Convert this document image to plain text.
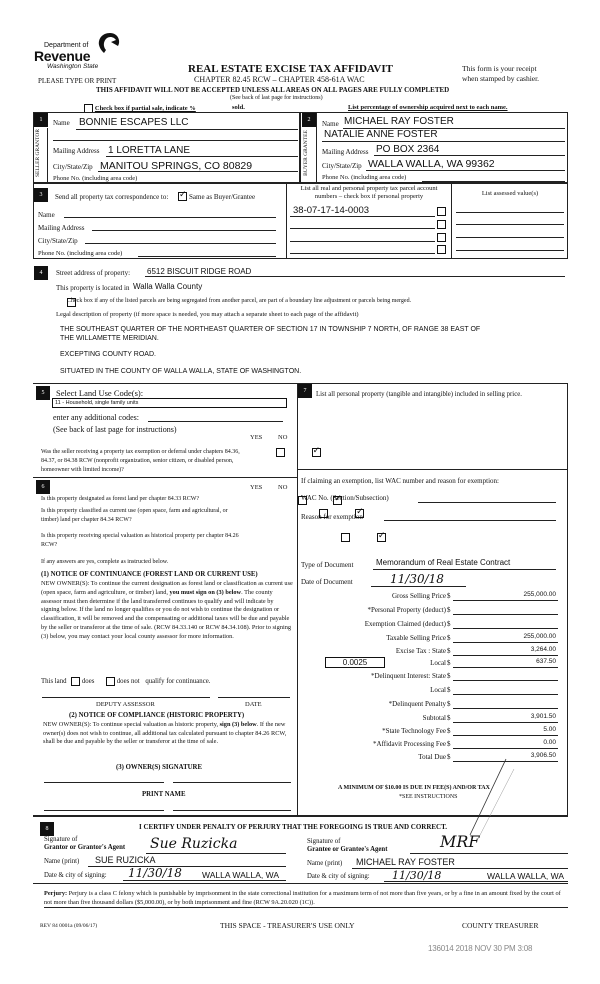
Department of
Revenue
Washington State
PLEASE TYPE OR PRINT
REAL ESTATE EXCISE TAX AFFIDAVIT
CHAPTER 82.45 RCW – CHAPTER 458-61A WAC
THIS AFFIDAVIT WILL NOT BE ACCEPTED UNLESS ALL AREAS ON ALL PAGES ARE FULLY COMPLETED
(See back of last page for instructions)
This form is your receipt
when stamped by cashier.
Check box if partial sale, indicate %	sold.	List percentage of ownership acquired next to each name.
1
SELLER GRANTOR
Name BONNIE ESCAPES LLC
Mailing Address 1 LORETTA LANE
City/State/Zip MANITOU SPRINGS, CO 80829
Phone No. (including area code)
2
BUYER GRANTEE
Name MICHAEL RAY FOSTER
NATALIE ANNE FOSTER
Mailing Address PO BOX 2364
City/State/Zip WALLA WALLA, WA 99362
Phone No. (including area code)
3	Send all property tax correspondence to: ✓	Same as Buyer/Grantee
Name
Mailing Address
City/State/Zip
Phone No. (including area code)
List all real and personal property tax parcel account numbers – check box if personal property	List assessed value(s)
38-07-17-14-0003
4	Street address of property: 6512 BISCUIT RIDGE ROAD
This property is located in Walla Walla County

Check box if any of the listed parcels are being segregated from another parcel, are part of a boundary line adjustment or parcels being merged.
Legal description of property (if more space is needed, you may attach a separate sheet to each page of the affidavit)
THE SOUTHEAST QUARTER OF THE NORTHEAST QUARTER OF SECTION 17 IN TOWNSHIP 7 NORTH, OF RANGE 38 EAST OF
THE WILLAMETTE MERIDIAN.
EXCEPTING COUNTY ROAD.
SITUATED IN THE COUNTY OF WALLA WALLA, STATE OF WASHINGTON.
5	Select Land Use Code(s):
11 - Household, single family units
enter any additional codes:
(See back of last page for instructions)
YES NO
Was the seller receiving a property tax exemption or deferral under chapters 84.36, 84.37, or 84.38 RCW (nonprofit organization, senior citizen, or disabled person, homeowner with limited income)?
✓
6	YES NO
Is this property designated as forest land per chapter 84.33 RCW?
✓
Is this property classified as current use (open space, farm and agricultural, or timber) land per chapter 84.34 RCW?
✓
Is this property receiving special valuation as historical property per chapter 84.26 RCW?
✓
If any answers are yes, complete as instructed below.
(1) NOTICE OF CONTINUANCE (FOREST LAND OR CURRENT USE)
NEW OWNER(S): To continue the current designation as forest land or classification as current use (open space, farm and agriculture, or timber) land, you must sign on (3) below. The county assessor must then determine if the land transferred continues to qualify and will indicate by signing below. If the land no longer qualifies or you do not wish to continue the designation or classification, it will be removed and the compensating or additional taxes will be due and payable by the seller or transferor at the time of sale. (RCW 84.33.140 or RCW 84.34.108). Prior to signing (3) below, you may contact your local county assessor for more information.
This land does	does not qualify for continuance.
DEPUTY ASSESSOR	DATE
(2) NOTICE OF COMPLIANCE (HISTORIC PROPERTY)
NEW OWNER(S): To continue special valuation as historic property, sign (3) below. If the new owner(s) does not wish to continue, all additional tax calculated pursuant to chapter 84.26 RCW, shall be due and payable by the seller or transferor at the time of sale.
(3) OWNER(S) SIGNATURE
PRINT NAME
7	List all personal property (tangible and intangible) included in selling price.
If claiming an exemption, list WAC number and reason for exemption:
WAC No. (Section/Subsection)
Reason for exemption
Type of Document	Memorandum of Real Estate Contract
Date of Document	11/30/18
Gross Selling Price $	255,000.00
*Personal Property (deduct) $
Exemption Claimed (deduct) $
Taxable Selling Price $	255,000.00
Excise Tax : State $	3,264.00
0.0025	Local $	637.50
*Delinquent Interest: State $
Local $
*Delinquent Penalty $
Subtotal $	3,901.50
*State Technology Fee $	5.00
*Affidavit Processing Fee $	0.00
Total Due $	3,906.50
A MINIMUM OF $10.00 IS DUE IN FEE(S) AND/OR TAX
*SEE INSTRUCTIONS
8	I CERTIFY UNDER PENALTY OF PERJURY THAT THE FOREGOING IS TRUE AND CORRECT.
Signature of
Grantor or Grantor's Agent Sue Ruzicka
Name (print) SUE RUZICKA
Date & city of signing: 11/30/18 WALLA WALLA, WA
Signature of
Grantee or Grantee's Agent	MRF
Name (print) MICHAEL RAY FOSTER
Date & city of signing: 11/30/18	WALLA WALLA, WA
Perjury: Perjury is a class C felony which is punishable by imprisonment in the state correctional institution for a maximum term of not more than five years, or by a fine in an amount fixed by the court of not more than five thousand dollars ($5,000.00), or by both imprisonment and fine (RCW 9A.20.020 (1C)).
REV 84 0001a (09/06/17)	THIS SPACE - TREASURER'S USE ONLY	COUNTY TREASURER
136014 2018 NOV 30 PM 3:08
